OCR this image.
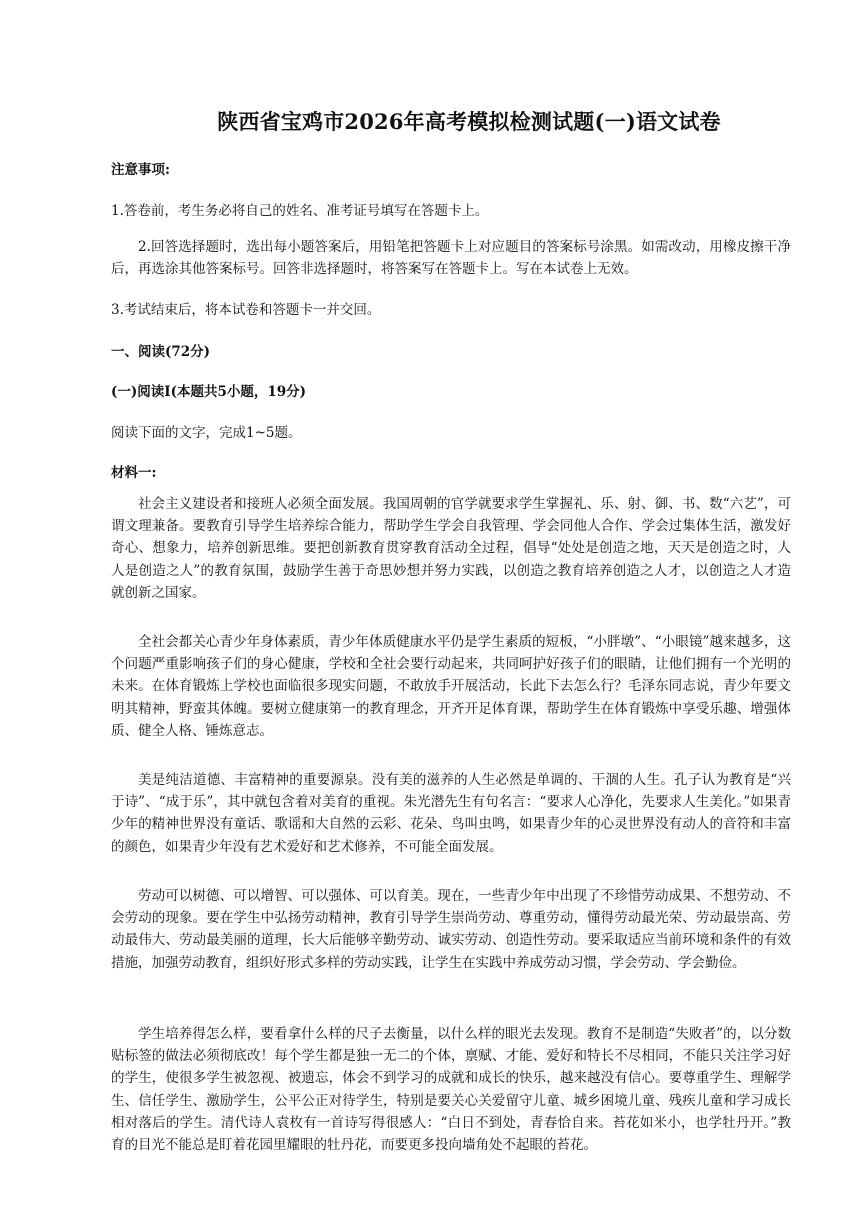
陕西省宝鸡市2026年高考模拟检测试题(一)语文试卷
注意事项:
1.答卷前，考生务必将自己的姓名、准考证号填写在答题卡上。
2.回答选择题时，选出每小题答案后，用铅笔把答题卡上对应题目的答案标号涂黑。如需改动，用橡皮擦干净后，再选涂其他答案标号。回答非选择题时，将答案写在答题卡上。写在本试卷上无效。
3.考试结束后，将本试卷和答题卡一并交回。
一、阅读(72分)
(一)阅读Ⅰ(本题共5小题，19分)
阅读下面的文字，完成1~5题。
材料一:
社会主义建设者和接班人必须全面发展。我国周朝的官学就要求学生掌握礼、乐、射、御、书、数“六艺”，可谓文理兼备。要教育引导学生培养综合能力，帮助学生学会自我管理、学会同他人合作、学会过集体生活，激发好奇心、想象力，培养创新思维。要把创新教育贯穿教育活动全过程，倡导“处处是创造之地，天天是创造之时，人人是创造之人”的教育氛围，鼓励学生善于奇思妙想并努力实践，以创造之教育培养创造之人才，以创造之人才造就创新之国家。
全社会都关心青少年身体素质，青少年体质健康水平仍是学生素质的短板，“小胖墩”、“小眼镜”越来越多，这个问题严重影响孩子们的身心健康，学校和全社会要行动起来，共同呵护好孩子们的眼睛，让他们拥有一个光明的未来。在体育锻炼上学校也面临很多现实问题，不敢放手开展活动，长此下去怎么行？毛泽东同志说，青少年要文明其精神，野蛮其体魄。要树立健康第一的教育理念，开齐开足体育课，帮助学生在体育锻炼中享受乐趣、增强体质、健全人格、锤炼意志。
美是纯洁道德、丰富精神的重要源泉。没有美的滋养的人生必然是单调的、干涸的人生。孔子认为教育是“兴于诗”、“成于乐”，其中就包含着对美育的重视。朱光潜先生有句名言：“要求人心净化，先要求人生美化。”如果青少年的精神世界没有童话、歌谣和大自然的云彩、花朵、鸟叫虫鸣，如果青少年的心灵世界没有动人的音符和丰富的颜色，如果青少年没有艺术爱好和艺术修养，不可能全面发展。
劳动可以树德、可以增智、可以强体、可以育美。现在，一些青少年中出现了不珍惜劳动成果、不想劳动、不会劳动的现象。要在学生中弘扬劳动精神，教育引导学生崇尚劳动、尊重劳动，懂得劳动最光荣、劳动最崇高、劳动最伟大、劳动最美丽的道理，长大后能够辛勤劳动、诚实劳动、创造性劳动。要采取适应当前环境和条件的有效措施，加强劳动教育，组织好形式多样的劳动实践，让学生在实践中养成劳动习惯，学会劳动、学会勤俭。
学生培养得怎么样，要看拿什么样的尺子去衡量，以什么样的眼光去发现。教育不是制造“失败者”的，以分数贴标签的做法必须彻底改！每个学生都是独一无二的个体，禀赋、才能、爱好和特长不尽相同，不能只关注学习好的学生，使很多学生被忽视、被遗忘，体会不到学习的成就和成长的快乐，越来越没有信心。要尊重学生、理解学生、信任学生、激励学生，公平公正对待学生，特别是要关心关爱留守儿童、城乡困境儿童、残疾儿童和学习成长相对落后的学生。清代诗人袁枚有一首诗写得很感人：“白日不到处，青春恰自来。苔花如米小，也学牡丹开。”教育的目光不能总是盯着花园里耀眼的牡丹花，而要更多投向墙角处不起眼的苔花。
